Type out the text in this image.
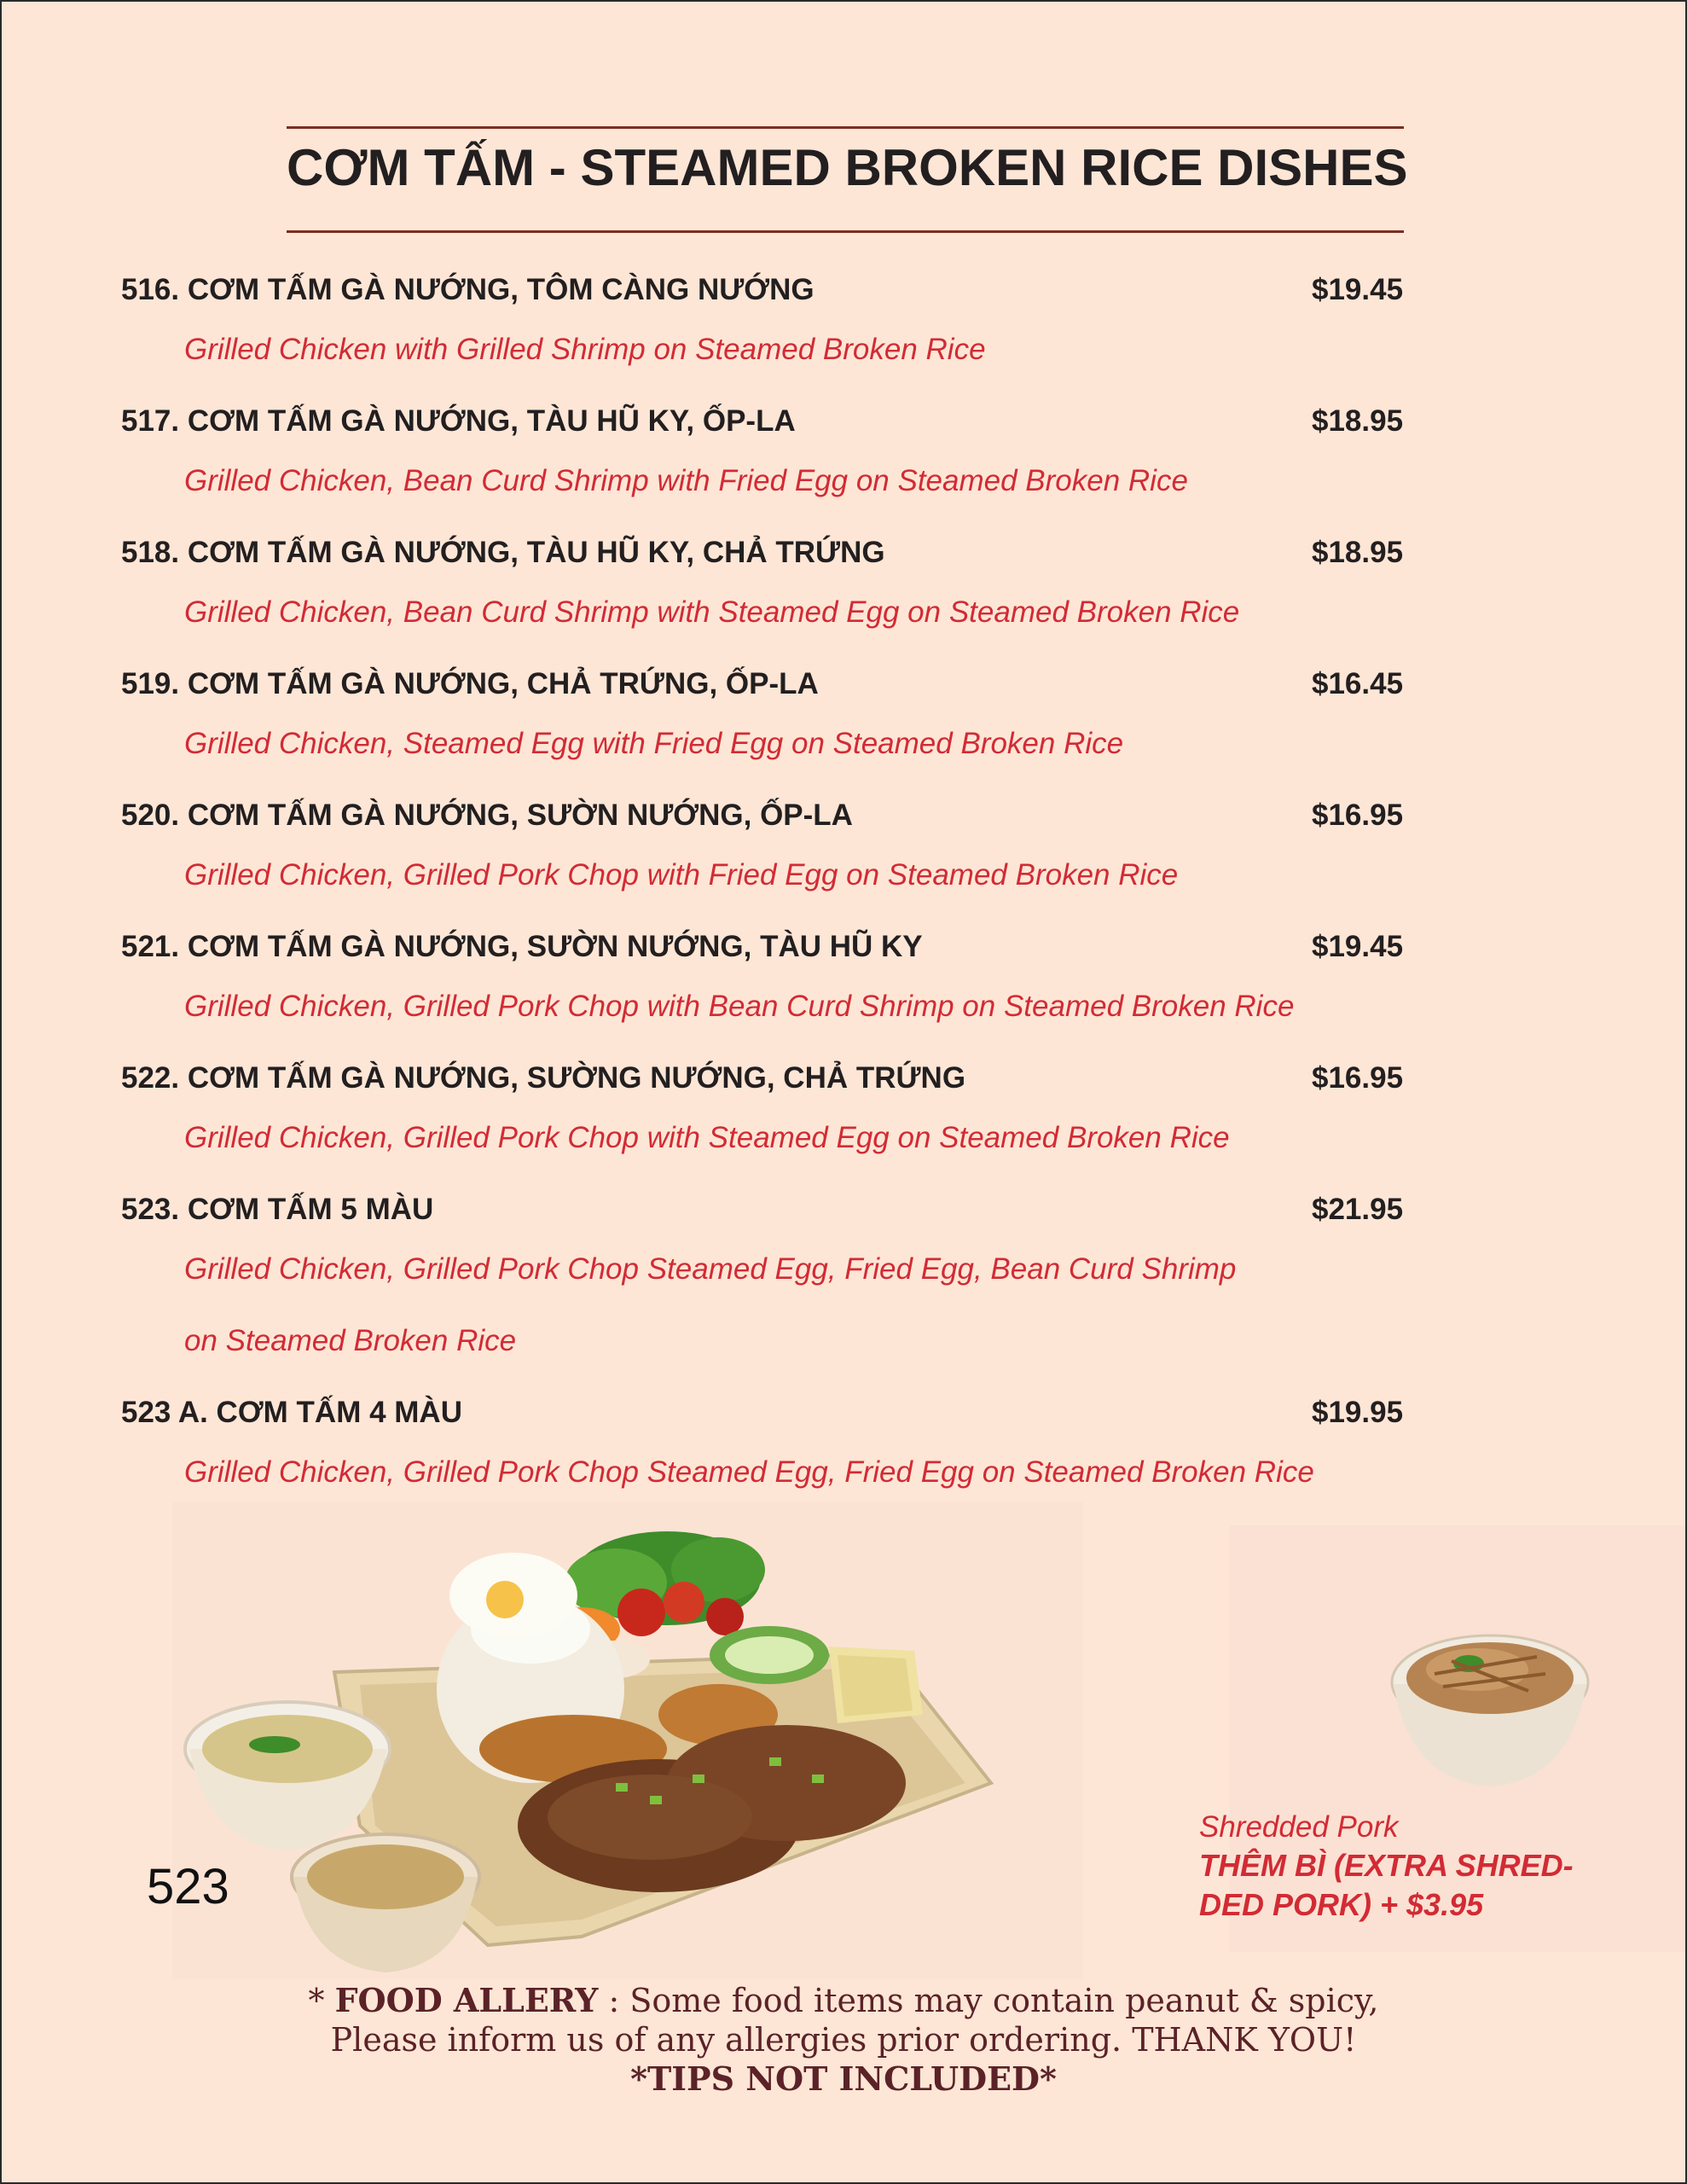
CƠM TẤM - STEAMED BROKEN RICE DISHES
516. CƠM TẤM GÀ NƯỚNG, TÔM CÀNG NƯỚNG	$19.45
Grilled Chicken with Grilled Shrimp on Steamed Broken Rice
517. CƠM TẤM GÀ NƯỚNG, TÀU HŨ KY, ỐP-LA	$18.95
Grilled Chicken, Bean Curd Shrimp with Fried Egg on Steamed Broken Rice
518. CƠM TẤM GÀ NƯỚNG, TÀU HŨ KY, CHẢ TRỨNG	$18.95
Grilled Chicken, Bean Curd Shrimp with Steamed Egg on Steamed Broken Rice
519. CƠM TẤM GÀ NƯỚNG, CHẢ TRỨNG, ỐP-LA	$16.45
Grilled Chicken, Steamed Egg with Fried Egg on Steamed Broken Rice
520. CƠM TẤM GÀ NƯỚNG, SƯỜN NƯỚNG, ỐP-LA	$16.95
Grilled Chicken, Grilled Pork Chop with Fried Egg on Steamed Broken Rice
521. CƠM TẤM GÀ NƯỚNG, SƯỜN NƯỚNG, TÀU HŨ KY	$19.45
Grilled Chicken, Grilled Pork Chop with Bean Curd Shrimp on Steamed Broken Rice
522. CƠM TẤM GÀ NƯỚNG, SƯỜNG NƯỚNG, CHẢ TRỨNG	$16.95
Grilled Chicken, Grilled Pork Chop with Steamed Egg on Steamed Broken Rice
523. CƠM TẤM 5 MÀU	$21.95
Grilled Chicken, Grilled Pork Chop Steamed Egg, Fried Egg, Bean Curd Shrimp
on Steamed Broken Rice
523 A. CƠM TẤM 4 MÀU	$19.95
Grilled Chicken, Grilled Pork Chop Steamed Egg, Fried Egg on Steamed Broken Rice
523
Shredded Pork
THÊM BÌ (EXTRA SHRED-
DED PORK) + $3.95
* FOOD ALLERY : Some food items may contain peanut & spicy,
Please inform us of any allergies prior ordering. THANK YOU!
*TIPS NOT INCLUDED*
